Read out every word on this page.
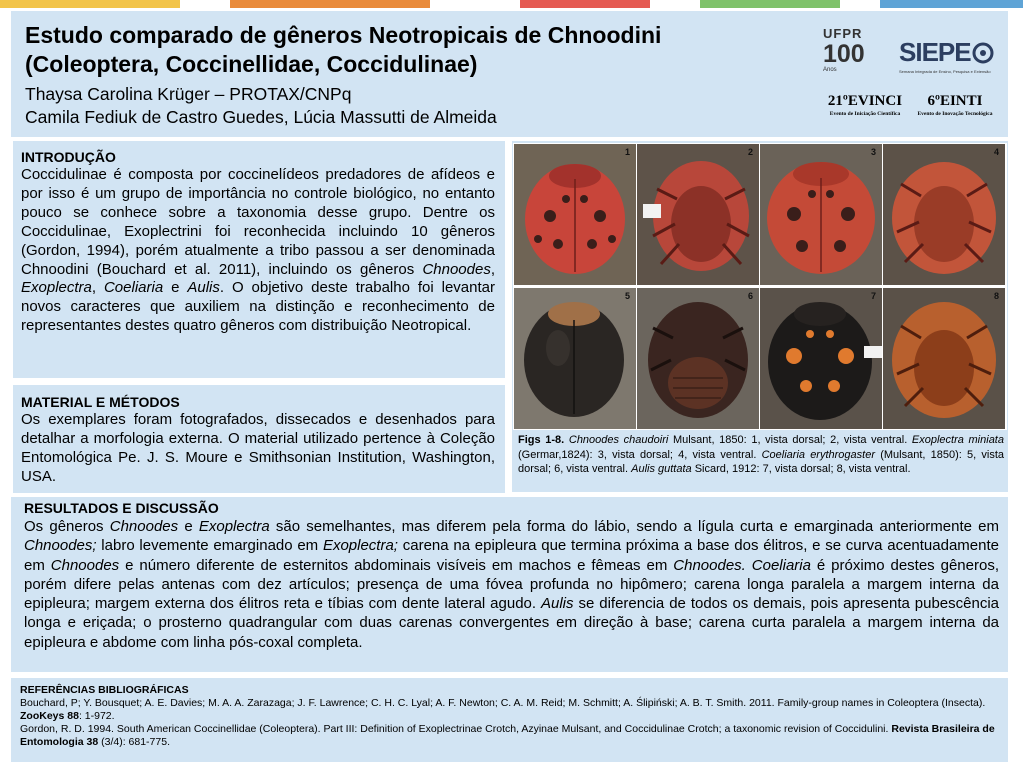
Estudo comparado de gêneros Neotropicais de Chnoodini
(Coleoptera, Coccinellidae, Coccidulinae)
Thaysa Carolina Krüger – PROTAX/CNPq
Camila Fediuk de Castro Guedes, Lúcia Massutti de Almeida
UFPR
100
Anos
SIEPE
Semana Integrada de Ensino, Pesquisa e Extensão
21ºEVINCI
Evento de Iniciação Científica
6ºEINTI
Evento de Inovação Tecnológica
INTRODUÇÃO
Coccidulinae é composta por coccinelídeos predadores de afídeos e por isso é um grupo de importância no controle biológico, no entanto pouco se conhece sobre a taxonomia desse grupo. Dentre os Coccidulinae, Exoplectrini foi reconhecida incluindo 10 gêneros (Gordon, 1994), porém atualmente a tribo passou a ser denominada Chnoodini (Bouchard et al. 2011), incluindo os gêneros Chnoodes, Exoplectra, Coeliaria e Aulis. O objetivo deste trabalho foi levantar novos caracteres que auxiliem na distinção e reconhecimento de representantes destes quatro gêneros com distribuição Neotropical.
MATERIAL E MÉTODOS
Os exemplares foram fotografados, dissecados e desenhados para detalhar a morfologia externa. O material utilizado pertence à Coleção Entomológica Pe. J. S. Moure e Smithsonian Institution, Washington, USA.
1	2	3	4
5	6	7	8
Figs 1-8. Chnoodes chaudoiri Mulsant, 1850: 1, vista dorsal; 2, vista ventral. Exoplectra miniata (Germar,1824): 3, vista dorsal; 4, vista ventral. Coeliaria erythrogaster (Mulsant, 1850): 5, vista dorsal; 6, vista ventral. Aulis guttata Sicard, 1912: 7, vista dorsal; 8, vista ventral.
RESULTADOS E DISCUSSÃO
Os gêneros Chnoodes e Exoplectra são semelhantes, mas diferem pela forma do lábio, sendo a lígula curta e emarginada anteriormente em Chnoodes; labro levemente emarginado em Exoplectra; carena na epipleura que termina próxima a base dos élitros, e se curva acentuadamente em Chnoodes e número diferente de esternitos abdominais visíveis em machos e fêmeas em Chnoodes. Coeliaria é próximo destes gêneros, porém difere pelas antenas com dez artículos; presença de uma fóvea profunda no hipômero; carena longa paralela a margem interna da epipleura; margem externa dos élitros reta e tíbias com dente lateral agudo. Aulis se diferencia de todos os demais, pois apresenta pubescência longa e eriçada; o prosterno quadrangular com duas carenas convergentes em direção à base; carena curta paralela a margem interna da epipleura e abdome com linha pós-coxal completa.
REFERÊNCIAS BIBLIOGRÁFICAS
Bouchard, P; Y. Bousquet; A. E. Davies; M. A. A. Zarazaga; J. F. Lawrence; C. H. C. Lyal; A. F. Newton; C. A. M. Reid; M. Schmitt; A. Ślipiński; A. B. T. Smith. 2011. Family-group names in Coleoptera (Insecta). ZooKeys 88: 1-972.
Gordon, R. D. 1994. South American Coccinellidae (Coleoptera). Part III: Definition of Exoplectrinae Crotch, Azyinae Mulsant, and Coccidulinae Crotch; a taxonomic revision of Coccidulini. Revista Brasileira de Entomologia 38 (3/4): 681-775.
